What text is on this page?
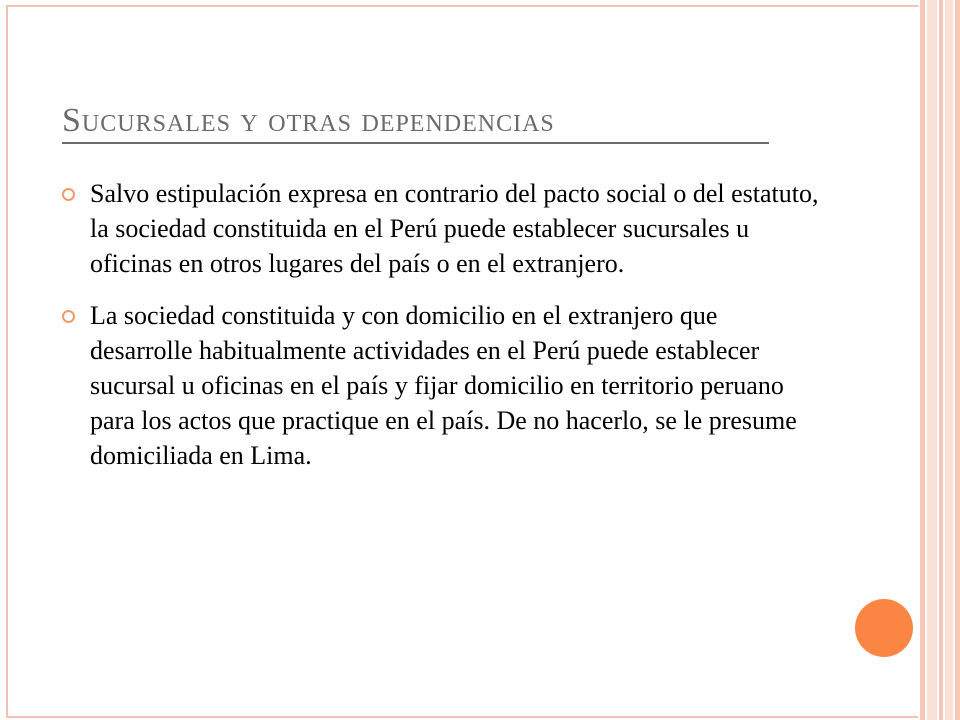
Sucursales y otras dependencias
Salvo estipulación expresa en contrario del pacto social o del estatuto, la sociedad constituida en el Perú puede establecer sucursales u oficinas en otros lugares del país o en el extranjero.
La sociedad constituida y con domicilio en el extranjero que desarrolle habitualmente actividades en el Perú puede establecer sucursal u oficinas en el país y fijar domicilio en territorio peruano para los actos que practique en el país. De no hacerlo, se le presume domiciliada en Lima.
